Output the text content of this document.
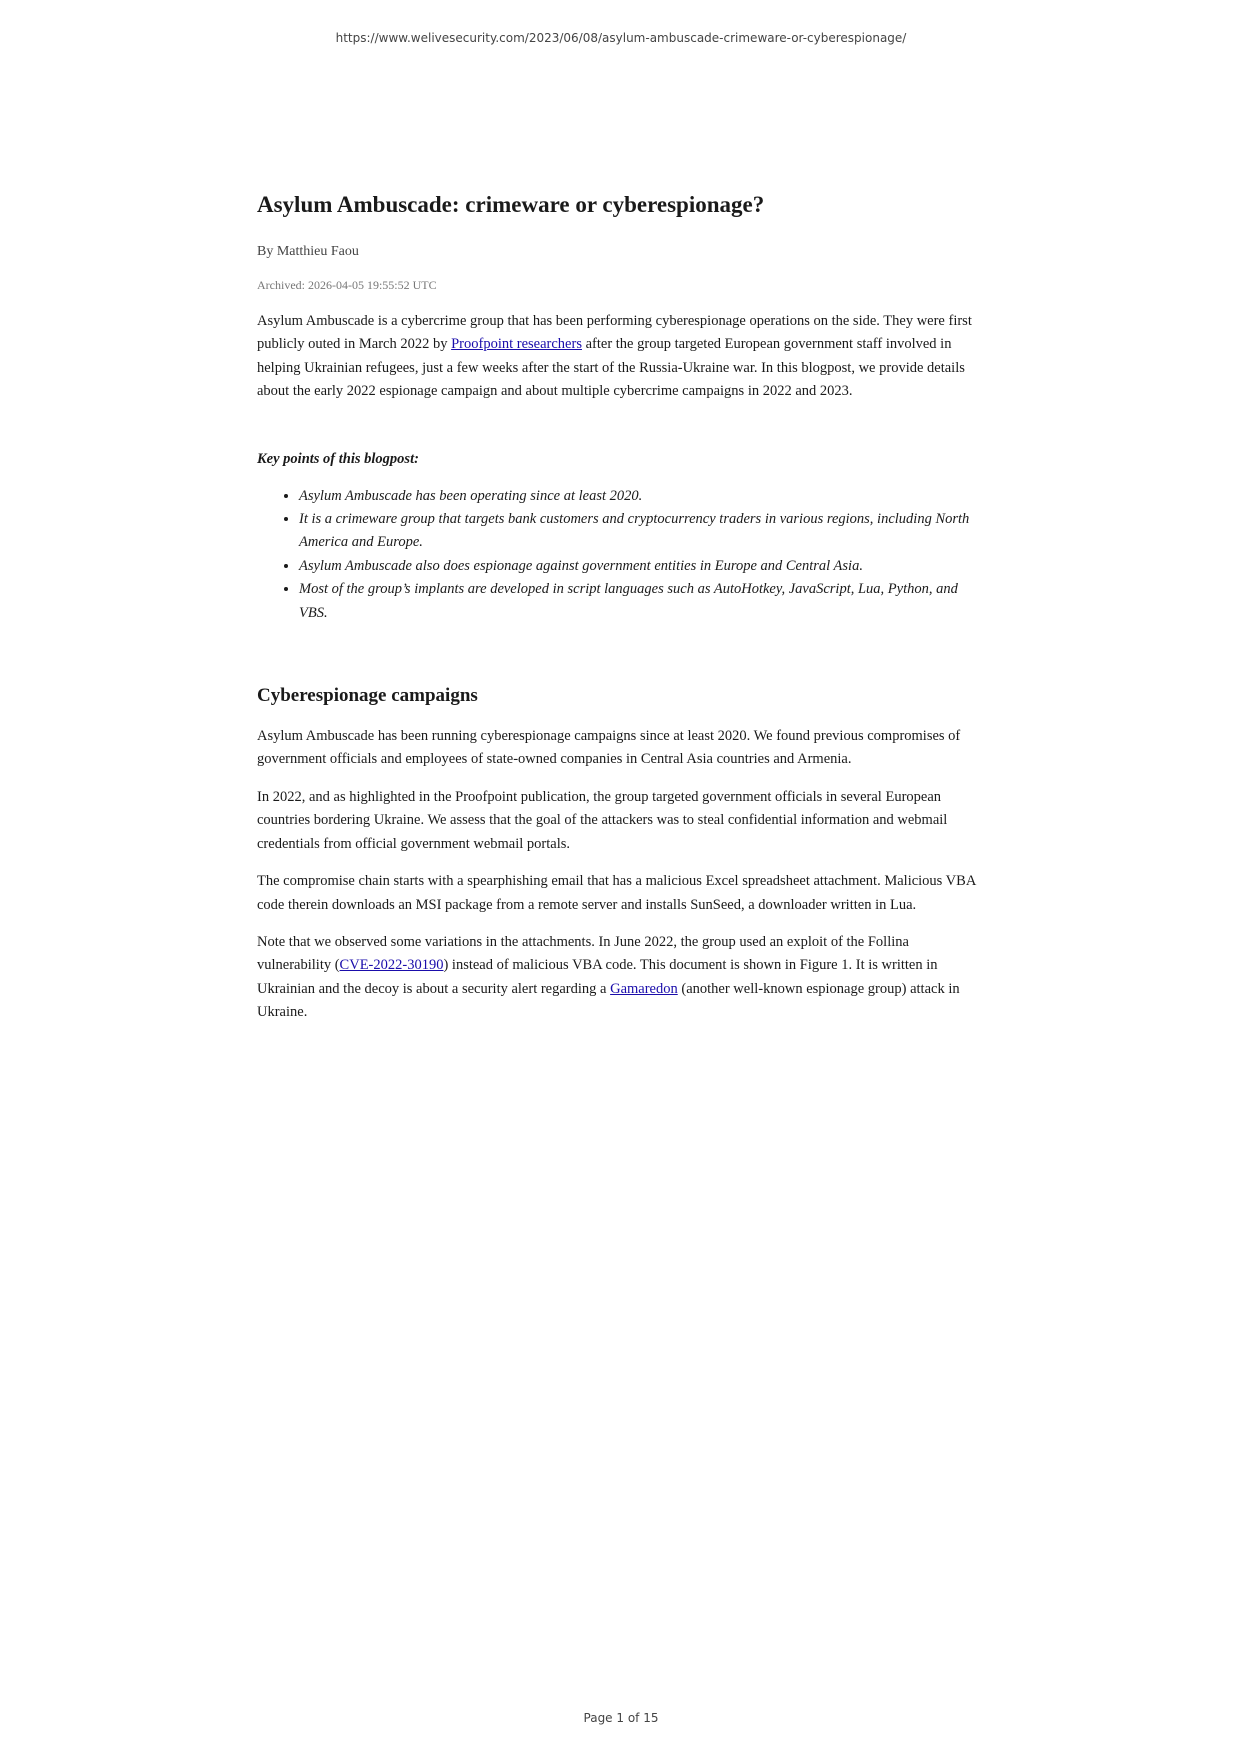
https://www.welivesecurity.com/2023/06/08/asylum-ambuscade-crimeware-or-cyberespionage/
Asylum Ambuscade: crimeware or cyberespionage?
By Matthieu Faou
Archived: 2026-04-05 19:55:52 UTC

Asylum Ambuscade is a cybercrime group that has been performing cyberespionage operations on the side. They were first publicly outed in March 2022 by Proofpoint researchers after the group targeted European government staff involved in helping Ukrainian refugees, just a few weeks after the start of the Russia-Ukraine war. In this blogpost, we provide details about the early 2022 espionage campaign and about multiple cybercrime campaigns in 2022 and 2023.

Key points of this blogpost:
• Asylum Ambuscade has been operating since at least 2020.
• It is a crimeware group that targets bank customers and cryptocurrency traders in various regions, including North America and Europe.
• Asylum Ambuscade also does espionage against government entities in Europe and Central Asia.
• Most of the group’s implants are developed in script languages such as AutoHotkey, JavaScript, Lua, Python, and VBS.
Cyberespionage campaigns

Asylum Ambuscade has been running cyberespionage campaigns since at least 2020. We found previous compromises of government officials and employees of state-owned companies in Central Asia countries and Armenia.

In 2022, and as highlighted in the Proofpoint publication, the group targeted government officials in several European countries bordering Ukraine. We assess that the goal of the attackers was to steal confidential information and webmail credentials from official government webmail portals.

The compromise chain starts with a spearphishing email that has a malicious Excel spreadsheet attachment. Malicious VBA code therein downloads an MSI package from a remote server and installs SunSeed, a downloader written in Lua.

Note that we observed some variations in the attachments. In June 2022, the group used an exploit of the Follina vulnerability (CVE-2022-30190) instead of malicious VBA code. This document is shown in Figure 1. It is written in Ukrainian and the decoy is about a security alert regarding a Gamaredon (another well-known espionage group) attack in Ukraine.

Page 1 of 15
